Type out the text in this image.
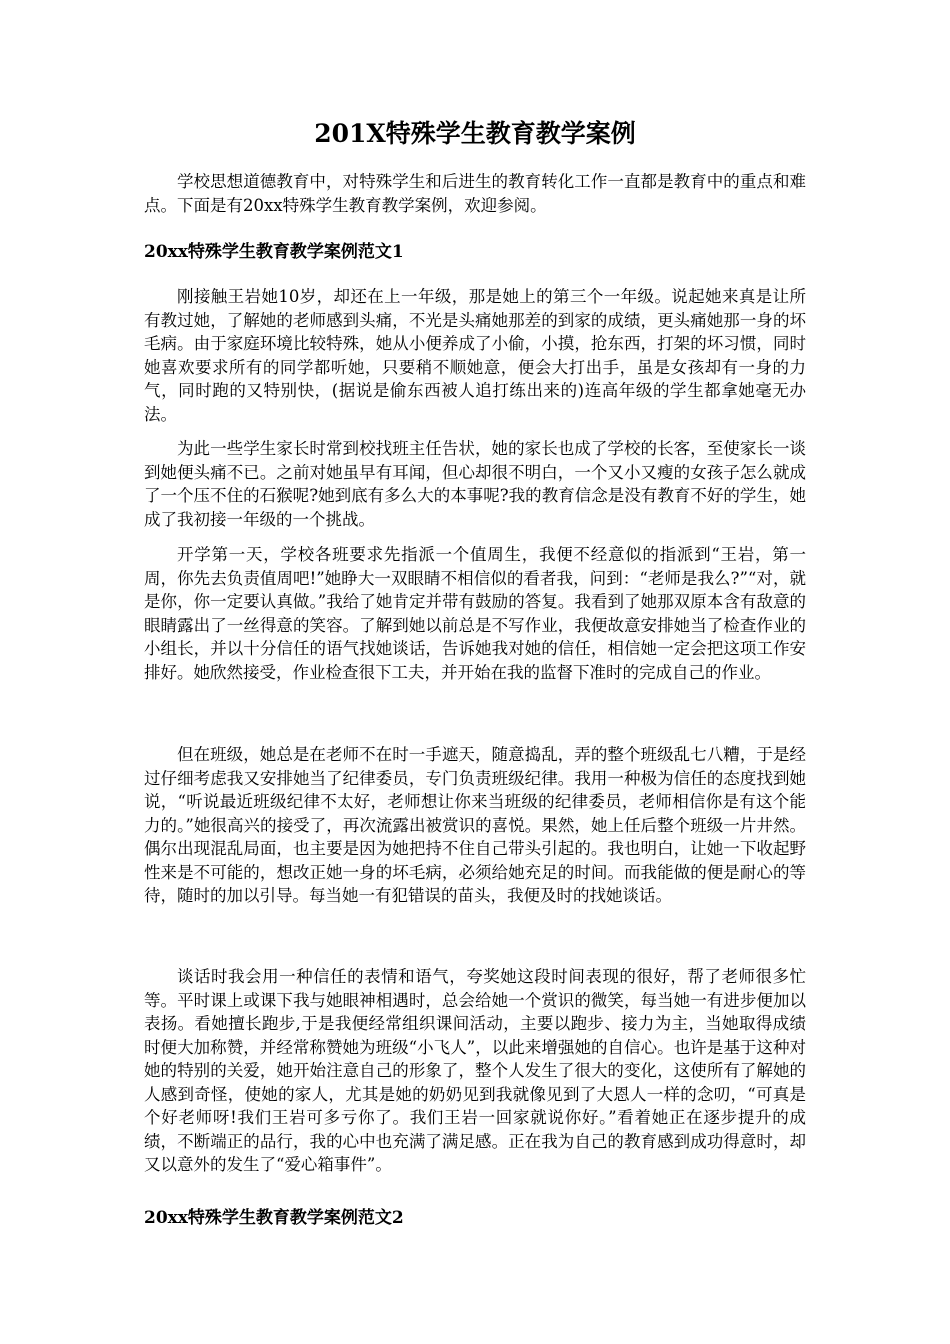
201X特殊学生教育教学案例

学校思想道德教育中，对特殊学生和后进生的教育转化工作一直都是教育中的重点和难点。下面是有20xx特殊学生教育教学案例，欢迎参阅。

20xx特殊学生教育教学案例范文1

刚接触王岩她10岁，却还在上一年级，那是她上的第三个一年级。说起她来真是让所有教过她，了解她的老师感到头痛，不光是头痛她那差的到家的成绩，更头痛她那一身的坏毛病。由于家庭环境比较特殊，她从小便养成了小偷，小摸，抢东西，打架的坏习惯，同时她喜欢要求所有的同学都听她，只要稍不顺她意，便会大打出手，虽是女孩却有一身的力气，同时跑的又特别快，(据说是偷东西被人追打练出来的)连高年级的学生都拿她毫无办法。

为此一些学生家长时常到校找班主任告状，她的家长也成了学校的长客，至使家长一谈到她便头痛不已。之前对她虽早有耳闻，但心却很不明白，一个又小又瘦的女孩子怎么就成了一个压不住的石猴呢?她到底有多么大的本事呢?我的教育信念是没有教育不好的学生，她成了我初接一年级的一个挑战。

开学第一天，学校各班要求先指派一个值周生，我便不经意似的指派到“王岩，第一周，你先去负责值周吧!”她睁大一双眼睛不相信似的看者我，问到：“老师是我么?”“对，就是你，你一定要认真做。”我给了她肯定并带有鼓励的答复。我看到了她那双原本含有敌意的眼睛露出了一丝得意的笑容。了解到她以前总是不写作业，我便故意安排她当了检查作业的小组长，并以十分信任的语气找她谈话，告诉她我对她的信任，相信她一定会把这项工作安排好。她欣然接受，作业检查很下工夫，并开始在我的监督下准时的完成自己的作业。

但在班级，她总是在老师不在时一手遮天，随意捣乱，弄的整个班级乱七八糟，于是经过仔细考虑我又安排她当了纪律委员，专门负责班级纪律。我用一种极为信任的态度找到她说，“听说最近班级纪律不太好，老师想让你来当班级的纪律委员，老师相信你是有这个能力的。”她很高兴的接受了，再次流露出被赏识的喜悦。果然，她上任后整个班级一片井然。偶尔出现混乱局面，也主要是因为她把持不住自己带头引起的。我也明白，让她一下收起野性来是不可能的，想改正她一身的坏毛病，必须给她充足的时间。而我能做的便是耐心的等待，随时的加以引导。每当她一有犯错误的苗头，我便及时的找她谈话。

谈话时我会用一种信任的表情和语气，夸奖她这段时间表现的很好，帮了老师很多忙等。平时课上或课下我与她眼神相遇时，总会给她一个赏识的微笑，每当她一有进步便加以表扬。看她擅长跑步,于是我便经常组织课间活动，主要以跑步、接力为主，当她取得成绩时便大加称赞，并经常称赞她为班级“小飞人”，以此来增强她的自信心。也许是基于这种对她的特别的关爱，她开始注意自己的形象了，整个人发生了很大的变化，这使所有了解她的人感到奇怪，使她的家人，尤其是她的奶奶见到我就像见到了大恩人一样的念叨，“可真是个好老师呀!我们王岩可多亏你了。我们王岩一回家就说你好。”看着她正在逐步提升的成绩，不断端正的品行，我的心中也充满了满足感。正在我为自己的教育感到成功得意时，却又以意外的发生了“爱心箱事件”。

20xx特殊学生教育教学案例范文2
